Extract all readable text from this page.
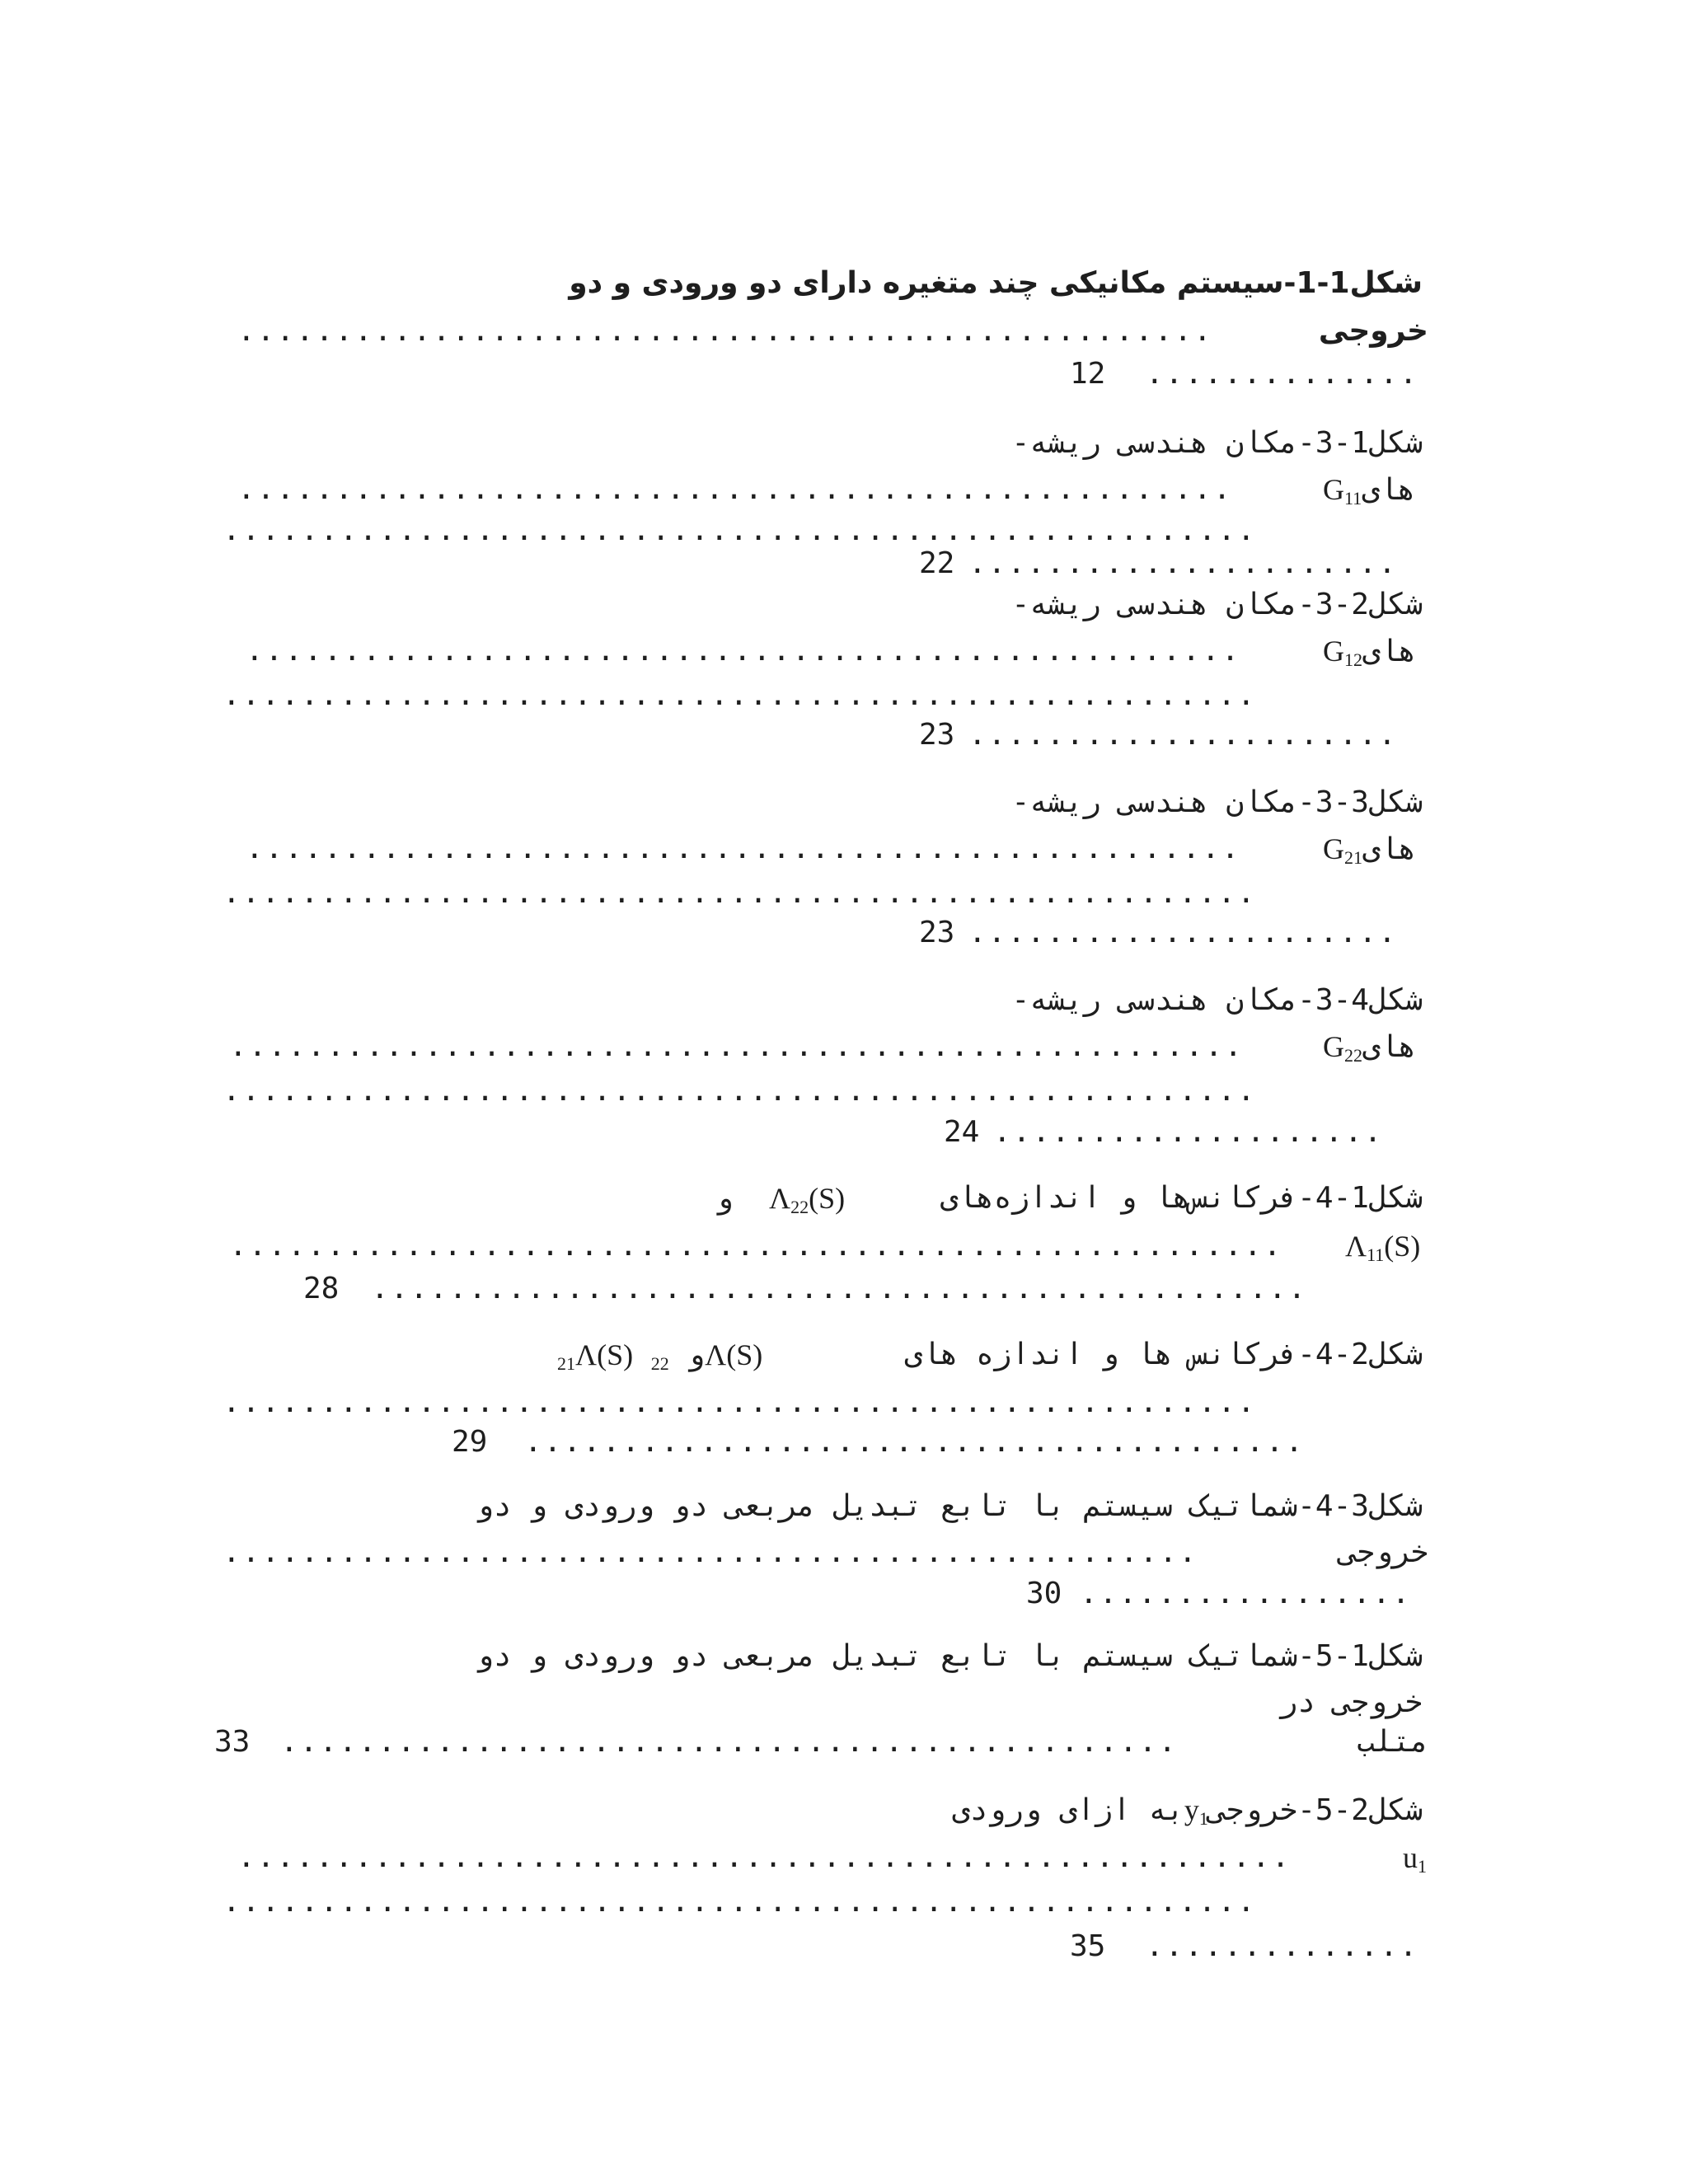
شکل1-1-سیستم مکانیکی چند متغیره دارای دو ورودی و دو
..................................................	خروجی
..............
12
شکل1-3-مکان هندسی ریشه-
...................................................	$G_{11}های$
.....................................................
22 ......................
شکل2-3-مکان هندسی ریشه-
...................................................	$G_{12}های$
.....................................................
23 ......................
شکل3-3-مکان هندسی ریشه-
...................................................	$G_{21}های$
.....................................................
23 ......................
شکل4-3-مکان هندسی ریشه-
....................................................	$G_{22}های$
.....................................................
24 ....................
شکل1-4-فرکانس‌ها و اندازه‌های
و $\Lambda_{22}(S)$
...................................................... $\Lambda_{11}(S)$
28 ................................................
شکل2-4-فرکانس ها و اندازه های
$_{21}$Λ(S) و $_{22}$ Λ(S)
.....................................................
29 ........................................
شکل3-4-شماتیک سیستم با تابع تبدیل مربعی دو ورودی و دو
..................................................	خروجی
30 .................
شکل1-5-شماتیک سیستم با تابع تبدیل مربعی دو ورودی و دو
خروجی در
33 ..............................................	متلب
شکل2-5-خروجیy$_1$به ازای ورودی
......................................................	$u_1$
.....................................................
35 ..............
